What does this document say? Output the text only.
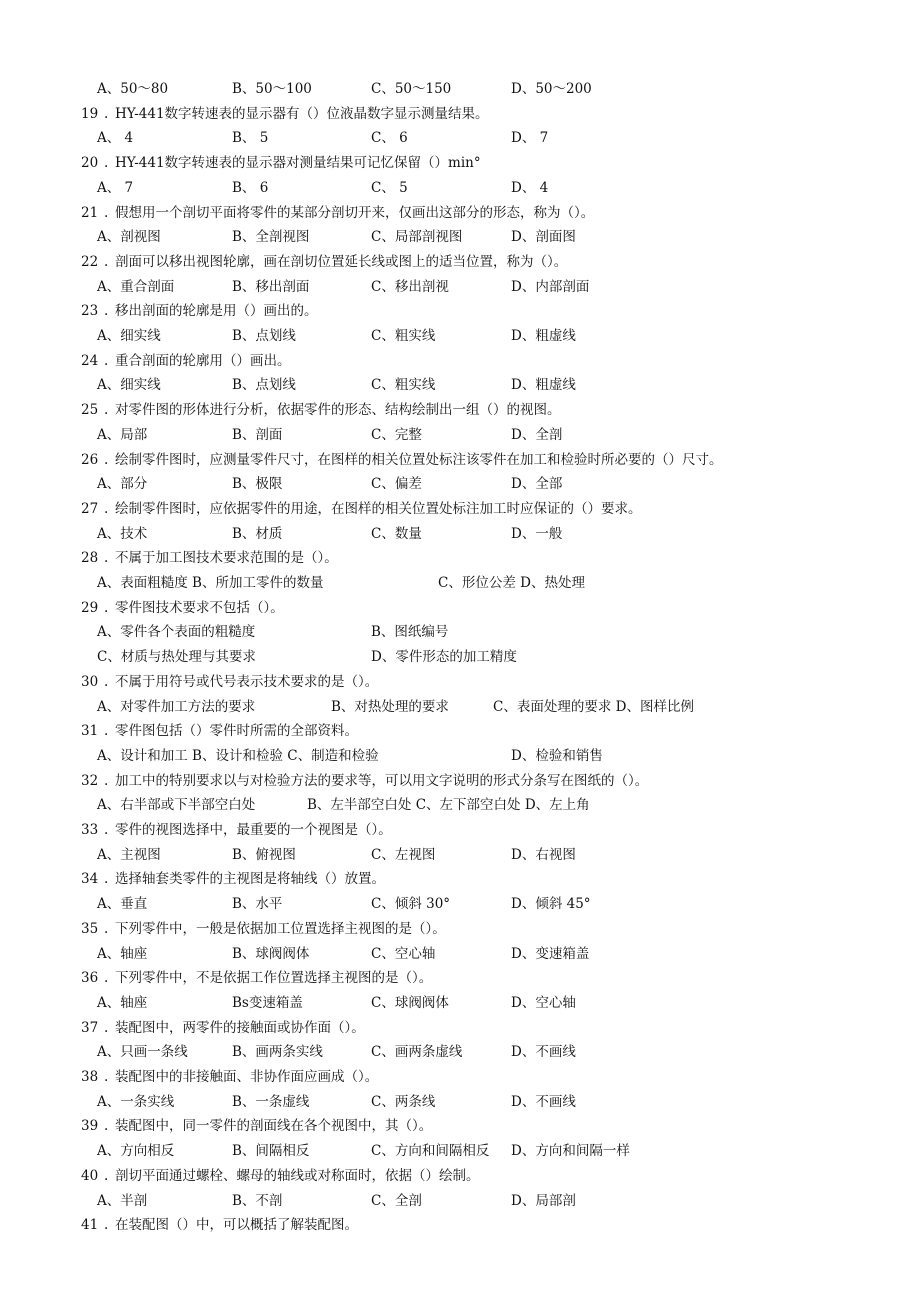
A、50～80	B、50～100	C、50～150	D、50～200
19 HY-441数字转速表的显示器有（）位液晶数字显示测量结果。
.
A、 4	B、 5	C、 6	D、 7
20 HY-441数字转速表的显示器对测量结果可记忆保留（）min°
.
A、 7	B、 6	C、 5	D、 4
21 假想用一个剖切平面将零件的某部分剖切开来，仅画出这部分的形态，称为（）。
.
A、剖视图	B、全剖视图	C、局部剖视图	D、剖面图
22 剖面可以移出视图轮廓，画在剖切位置延长线或图上的适当位置，称为（）。
.
A、重合剖面	B、移出剖面	C、移出剖视	D、内部剖面
23 移出剖面的轮廓是用（）画出的。
.
A、细实线	B、点划线	C、粗实线	D、粗虚线
24 重合剖面的轮廓用（）画出。
.
A、细实线	B、点划线	C、粗实线	D、粗虚线
25 对零件图的形体进行分析，依据零件的形态、结构绘制出一组（）的视图。
.
A、局部	B、剖面	C、完整	D、全剖
26 绘制零件图时，应测量零件尺寸，在图样的相关位置处标注该零件在加工和检验时所必要的（）尺寸。
.
A、部分	B、极限	C、偏差	D、全部
27 绘制零件图时，应依据零件的用途，在图样的相关位置处标注加工时应保证的（）要求。
.
A、技术	B、材质	C、数量	D、一般
28 不属于加工图技术要求范围的是（）。
.
A、表面粗糙度 B、所加工零件的数量	C、形位公差 D、热处理
29 零件图技术要求不包括（）。
.
A、零件各个表面的粗糙度	B、图纸编号
C、材质与热处理与其要求	D、零件形态的加工精度
30 不属于用符号或代号表示技术要求的是（）。
.
A、对零件加工方法的要求	B、对热处理的要求	C、表面处理的要求 D、图样比例
31 零件图包括（）零件时所需的全部资料。
.
A、设计和加工 B、设计和检验 C、制造和检验	D、检验和销售
32 加工中的特别要求以与对检验方法的要求等，可以用文字说明的形式分条写在图纸的（）。
.
A、右半部或下半部空白处	B、左半部空白处 C、左下部空白处 D、左上角
33 零件的视图选择中，最重要的一个视图是（）。
.
A、主视图	B、俯视图	C、左视图	D、右视图
34 选择轴套类零件的主视图是将轴线（）放置。
.
A、垂直	B、水平	C、倾斜 30°	D、倾斜 45°
35 下列零件中，一般是依据加工位置选择主视图的是（）。
.
A、轴座	B、球阀阀体	C、空心轴	D、变速箱盖
36 下列零件中，不是依据工作位置选择主视图的是（）。
.
A、轴座	Bs变速箱盖	C、球阀阀体	D、空心轴
37 装配图中，两零件的接触面或协作面（）。
.
A、只画一条线	B、画两条实线	C、画两条虚线	D、不画线
38 装配图中的非接触面、非协作面应画成（）。
.
A、一条实线	B、一条虚线	C、两条线	D、不画线
39 装配图中，同一零件的剖面线在各个视图中，其（）。
.
A、方向相反	B、间隔相反	C、方向和间隔相反 D、方向和间隔一样
40 剖切平面通过螺栓、螺母的轴线或对称面时，依据（）绘制。
.
A、半剖	B、不剖	C、全剖	D、局部剖
41 在装配图（）中，可以概括了解装配图。
.
